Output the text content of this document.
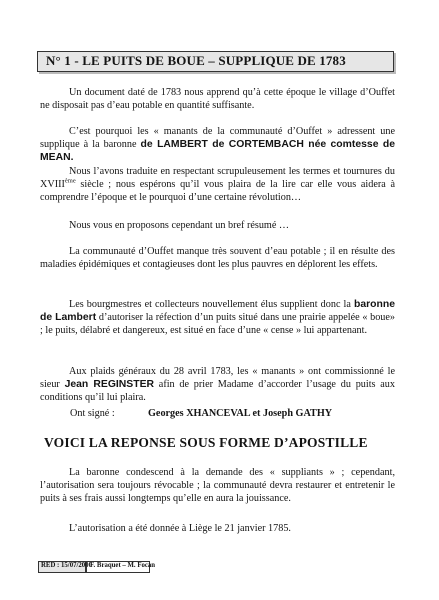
N° 1 - LE PUITS DE BOUE – SUPPLIQUE DE 1783
Un document daté de 1783 nous apprend qu’à cette époque le village d’Ouffet ne disposait pas d’eau potable en quantité suffisante.
C’est pourquoi les « manants de la communauté d’Ouffet » adressent une supplique à la baronne de LAMBERT de CORTEMBACH née comtesse de MEAN.
Nous l’avons traduite en respectant scrupuleusement les termes et tournures du XVIIIème siècle ; nous espérons qu’il vous plaira de la lire car elle vous aidera à comprendre l’époque et le pourquoi d’une certaine révolution…
Nous vous en proposons cependant un bref résumé …
La communauté d’Ouffet manque très souvent d’eau potable ; il en résulte des maladies épidémiques et contagieuses dont les plus pauvres en déplorent les effets.
Les bourgmestres et collecteurs nouvellement élus supplient donc la baronne de Lambert d’autoriser la réfection d’un puits situé dans une prairie appelée « boue» ; le puits, délabré et dangereux, est situé en face d’une « cense » lui appartenant.
Aux plaids généraux du 28 avril 1783, les « manants » ont commissionné le sieur Jean REGINSTER afin de prier Madame d’accorder l’usage du puits aux conditions qu’il lui plaira.
Ont signé :	Georges XHANCEVAL et Joseph GATHY
VOICI LA REPONSE SOUS FORME D’APOSTILLE
La baronne condescend à la demande des « suppliants » ; cependant, l’autorisation sera toujours révocable ; la communauté devra restaurer et entretenir le puits à ses frais aussi longtemps qu’elle en aura la jouissance.
L’autorisation a été donnée à Liège le 21 janvier 1785.
RED : 15/07/2000
F. Braquet – M. Focan
